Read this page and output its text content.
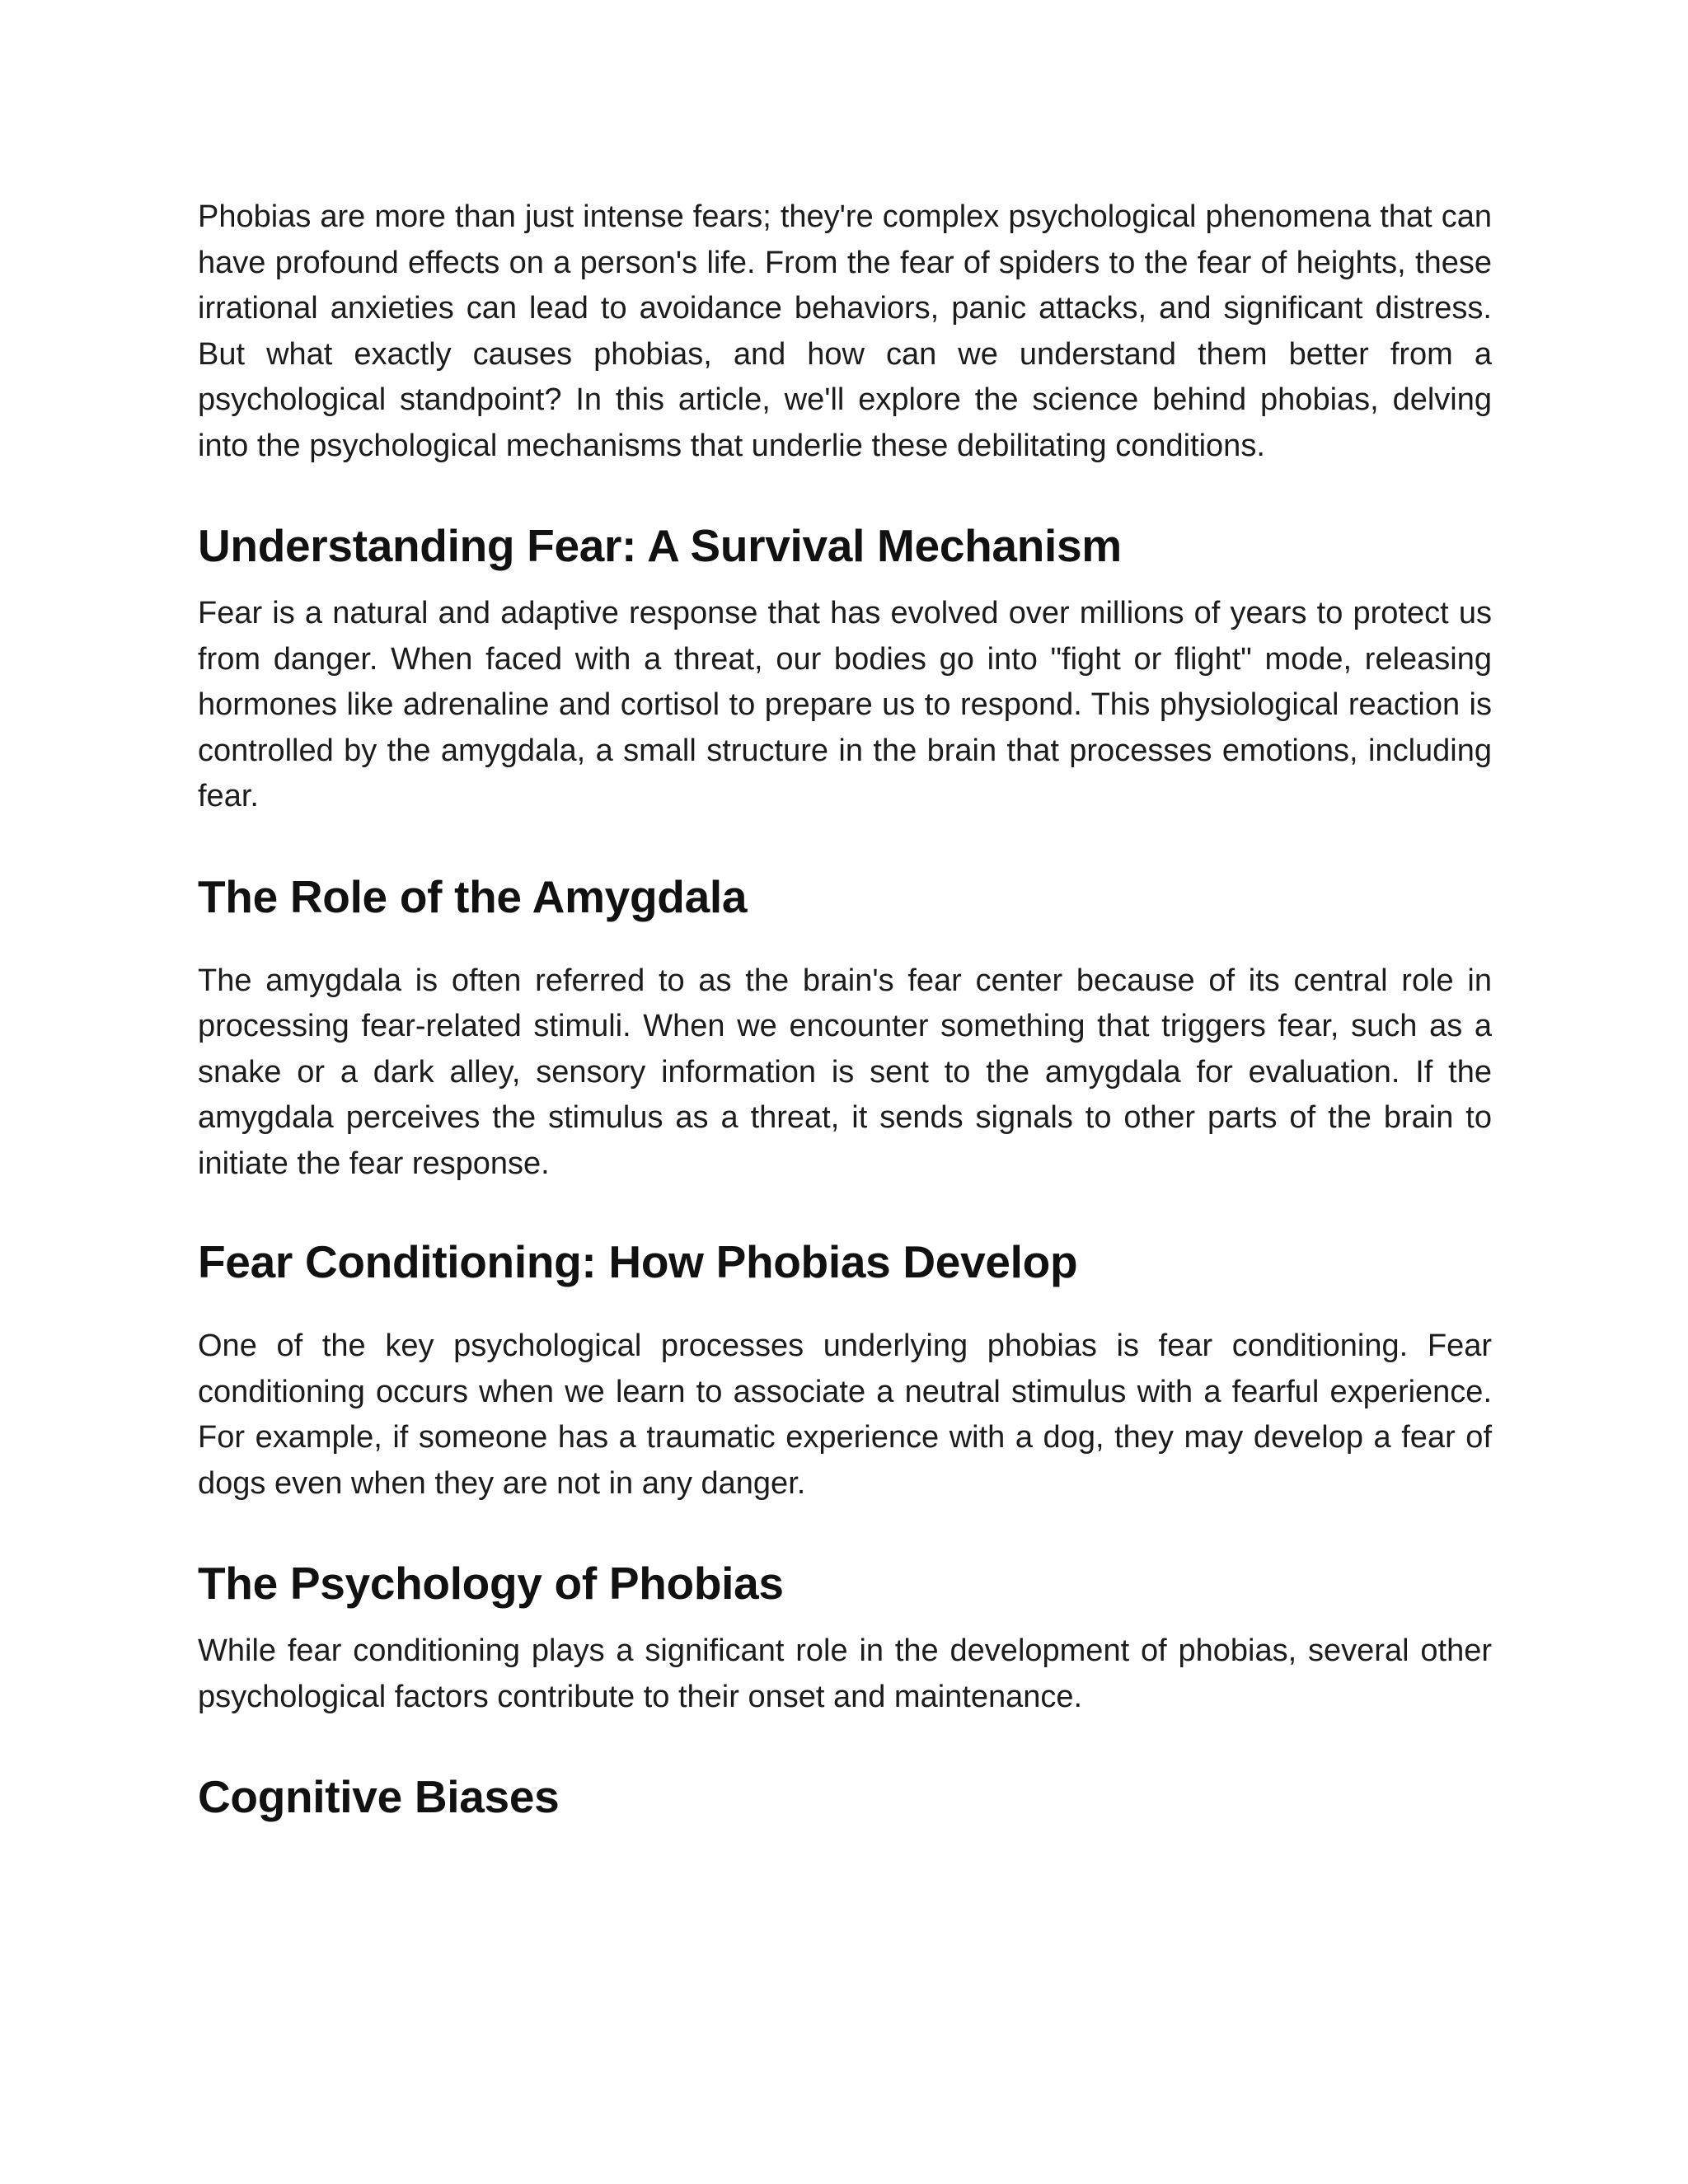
Phobias are more than just intense fears; they're complex psychological phenomena that can have profound effects on a person's life. From the fear of spiders to the fear of heights, these irrational anxieties can lead to avoidance behaviors, panic attacks, and significant distress. But what exactly causes phobias, and how can we understand them better from a psychological standpoint? In this article, we'll explore the science behind phobias, delving into the psychological mechanisms that underlie these debilitating conditions.

Understanding Fear: A Survival Mechanism

Fear is a natural and adaptive response that has evolved over millions of years to protect us from danger. When faced with a threat, our bodies go into "fight or flight" mode, releasing hormones like adrenaline and cortisol to prepare us to respond. This physiological reaction is controlled by the amygdala, a small structure in the brain that processes emotions, including fear.

The Role of the Amygdala

The amygdala is often referred to as the brain's fear center because of its central role in processing fear-related stimuli. When we encounter something that triggers fear, such as a snake or a dark alley, sensory information is sent to the amygdala for evaluation. If the amygdala perceives the stimulus as a threat, it sends signals to other parts of the brain to initiate the fear response.

Fear Conditioning: How Phobias Develop

One of the key psychological processes underlying phobias is fear conditioning. Fear conditioning occurs when we learn to associate a neutral stimulus with a fearful experience. For example, if someone has a traumatic experience with a dog, they may develop a fear of dogs even when they are not in any danger.

The Psychology of Phobias

While fear conditioning plays a significant role in the development of phobias, several other psychological factors contribute to their onset and maintenance.

Cognitive Biases
